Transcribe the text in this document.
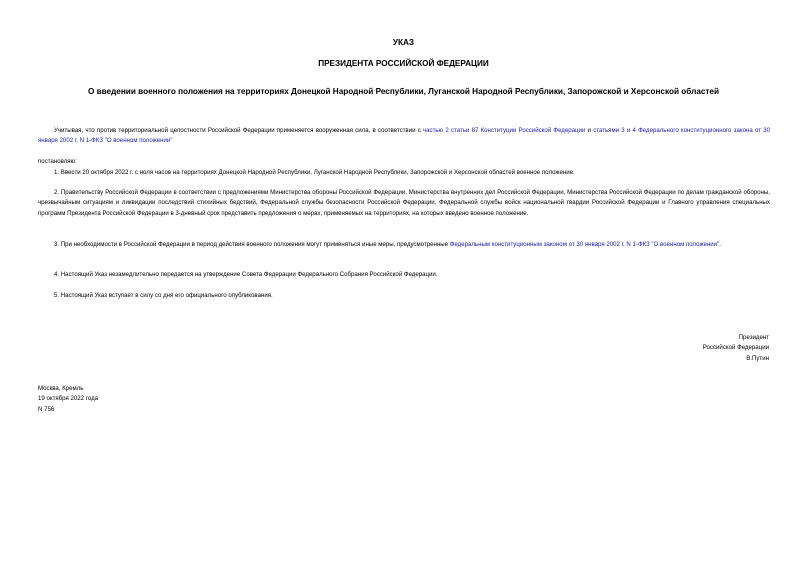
УКАЗ
ПРЕЗИДЕНТА РОССИЙСКОЙ ФЕДЕРАЦИИ
О введении военного положения на территориях Донецкой Народной Республики, Луганской Народной Республики, Запорожской и Херсонской областей
Учитывая, что против территориальной целостности Российской Федерации применяется вооруженная сила, в соответствии с частью 2 статьи 87 Конституции Российской Федерации и статьями 3 и 4 Федерального конституционного закона от 30 января 2002 г. N 1-ФКЗ "О военном положении"
постановляю:
1. Ввести 20 октября 2022 г. с ноля часов на территориях Донецкой Народной Республики, Луганской Народной Республики, Запорожской и Херсонской областей военное положение.
2. Правительству Российской Федерации в соответствии с предложениями Министерства обороны Российской Федерации, Министерства внутренних дел Российской Федерации, Министерства Российской Федерации по делам гражданской обороны, чрезвычайным ситуациям и ликвидации последствий стихийных бедствий, Федеральной службы безопасности Российской Федерации, Федеральной службы войск национальной гвардии Российской Федерации и Главного управления специальных программ Президента Российской Федерации в 3-дневный срок представить предложения о мерах, применяемых на территориях, на которых введено военное положение.
3. При необходимости в Российской Федерации в период действия военного положения могут применяться иные меры, предусмотренные Федеральным конституционным законом от 30 января 2002 г. N 1-ФКЗ "О военном положении".
4. Настоящий Указ незамедлительно передается на утверждение Совета Федерации Федерального Собрания Российской Федерации.
5. Настоящий Указ вступает в силу со дня его официального опубликования.
Президент
Российской Федерации
В.Путин
Москва, Кремль
19 октября 2022 года
N 756
